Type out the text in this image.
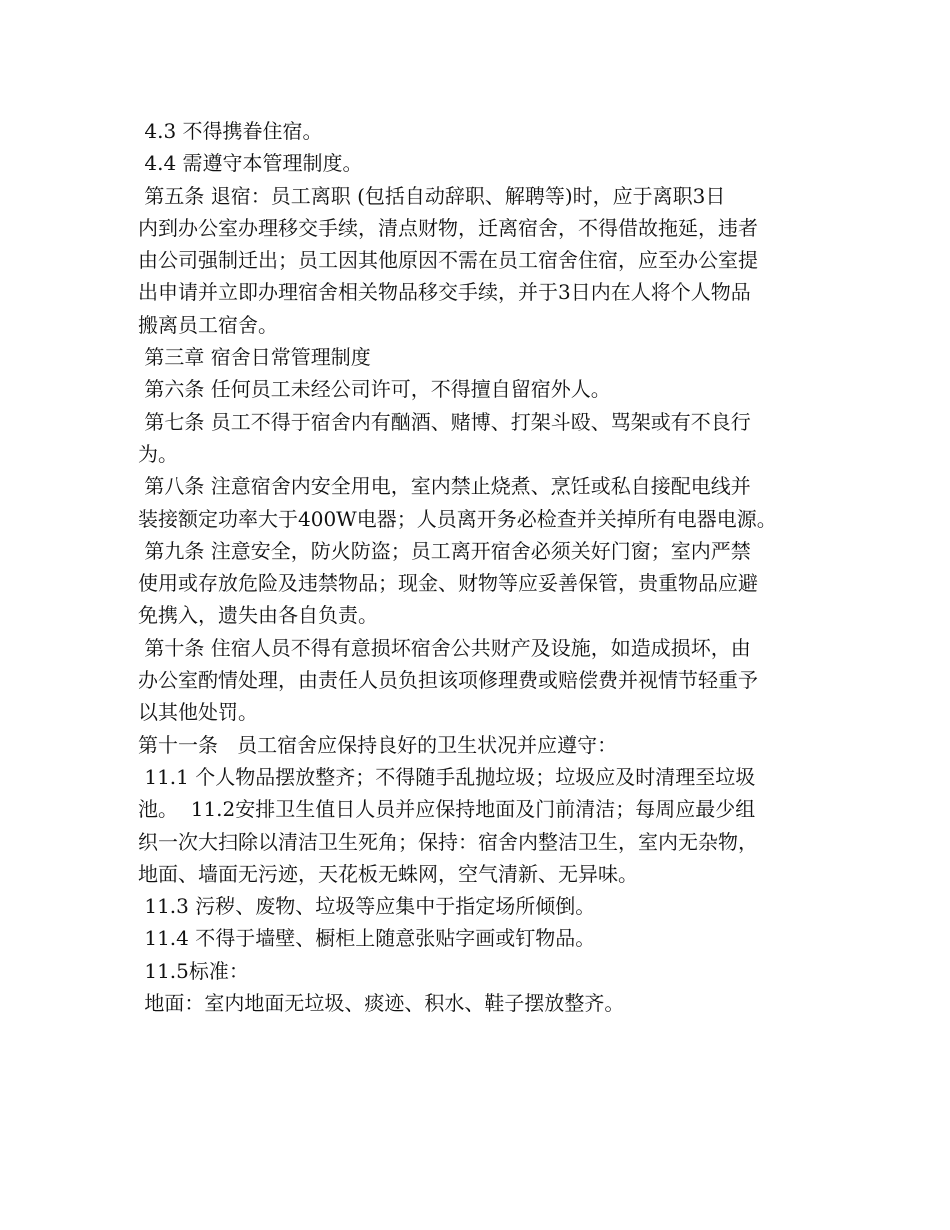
4.3 不得携眷住宿。
4.4 需遵守本管理制度。
第五条 退宿：员工离职 (包括自动辞职、解聘等)时，应于离职3日
内到办公室办理移交手续，清点财物，迁离宿舍，不得借故拖延，违者
由公司强制迁出；员工因其他原因不需在员工宿舍住宿，应至办公室提
出申请并立即办理宿舍相关物品移交手续，并于3日内在人将个人物品
搬离员工宿舍。
第三章 宿舍日常管理制度
第六条 任何员工未经公司许可，不得擅自留宿外人。
第七条 员工不得于宿舍内有酗酒、赌博、打架斗殴、骂架或有不良行
为。
第八条 注意宿舍内安全用电，室内禁止烧煮、烹饪或私自接配电线并
装接额定功率大于400W电器；人员离开务必检查并关掉所有电器电源。
第九条 注意安全，防火防盗；员工离开宿舍必须关好门窗；室内严禁
使用或存放危险及违禁物品；现金、财物等应妥善保管，贵重物品应避
免携入，遗失由各自负责。
第十条 住宿人员不得有意损坏宿舍公共财产及设施，如造成损坏，由
办公室酌情处理，由责任人员负担该项修理费或赔偿费并视情节轻重予
以其他处罚。
第十一条   员工宿舍应保持良好的卫生状况并应遵守：
11.1 个人物品摆放整齐；不得随手乱抛垃圾；垃圾应及时清理至垃圾
池。  11.2安排卫生值日人员并应保持地面及门前清洁；每周应最少组
织一次大扫除以清洁卫生死角；保持：宿舍内整洁卫生，室内无杂物，
地面、墙面无污迹，天花板无蛛网，空气清新、无异味。
11.3 污秽、废物、垃圾等应集中于指定场所倾倒。
11.4 不得于墙壁、橱柜上随意张贴字画或钉物品。
11.5标准：
地面：室内地面无垃圾、痰迹、积水、鞋子摆放整齐。
